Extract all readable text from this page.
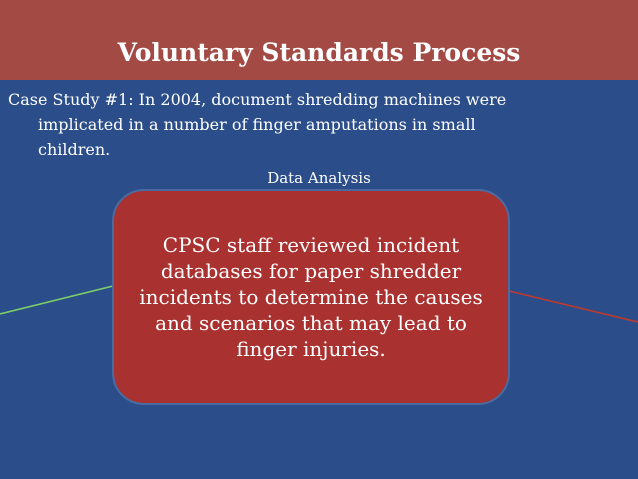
Voluntary Standards Process

Case Study #1: In 2004, document shredding machines were
implicated in a number of finger amputations in small
children.

Data Analysis

CPSC staff reviewed incident databases for paper shredder incidents to determine the causes and scenarios that may lead to finger injuries.
